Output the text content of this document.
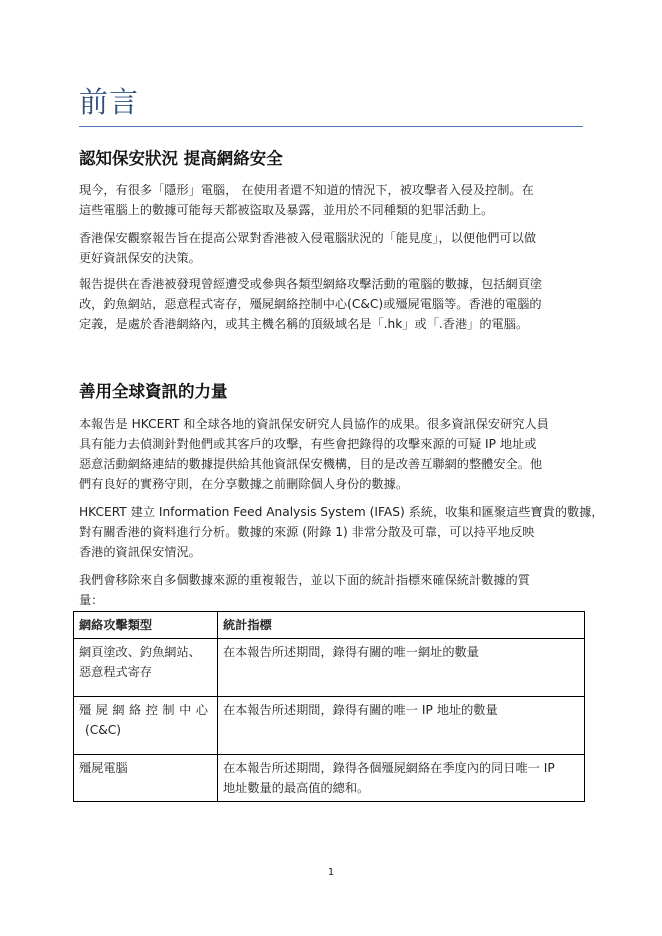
前言
認知保安狀況 提高網絡安全

現今，有很多「隱形」電腦， 在使用者還不知道的情況下，被攻擊者入侵及控制。在
這些電腦上的數據可能每天都被盜取及暴露，並用於不同種類的犯罪活動上。

香港保安觀察報告旨在提高公眾對香港被入侵電腦狀況的「能見度」，以便他們可以做
更好資訊保安的決策。

報告提供在香港被發現曾經遭受或參與各類型網絡攻擊活動的電腦的數據，包括網頁塗
改，釣魚網站，惡意程式寄存，殭屍網絡控制中心(C&C)或殭屍電腦等。香港的電腦的
定義，是處於香港網絡內，或其主機名稱的頂級域名是「.hk」或「.香港」的電腦。

善用全球資訊的力量

本報告是 HKCERT 和全球各地的資訊保安研究人員協作的成果。很多資訊保安研究人員
具有能力去偵測針對他們或其客戶的攻擊，有些會把錄得的攻擊來源的可疑 IP 地址或
惡意活動網絡連結的數據提供給其他資訊保安機構，目的是改善互聯網的整體安全。他
們有良好的實務守則，在分享數據之前刪除個人身份的數據。

HKCERT 建立 Information Feed Analysis System (IFAS) 系統，收集和匯聚這些寶貴的數據，
對有關香港的資料進行分析。數據的來源 (附錄 1) 非常分散及可靠，可以持平地反映
香港的資訊保安情況。

我們會移除來自多個數據來源的重複報告，並以下面的統計指標來確保統計數據的質
量：

網絡攻擊類型	統計指標

網頁塗改、釣魚網站、
惡意程式寄存	在本報告所述期間，錄得有關的唯一網址的數量

殭屍網絡控制中心
(C&C)	在本報告所述期間，錄得有關的唯一 IP 地址的數量

殭屍電腦	在本報告所述期間，錄得各個殭屍網絡在季度內的同日唯一 IP
地址數量的最高值的總和。
1
